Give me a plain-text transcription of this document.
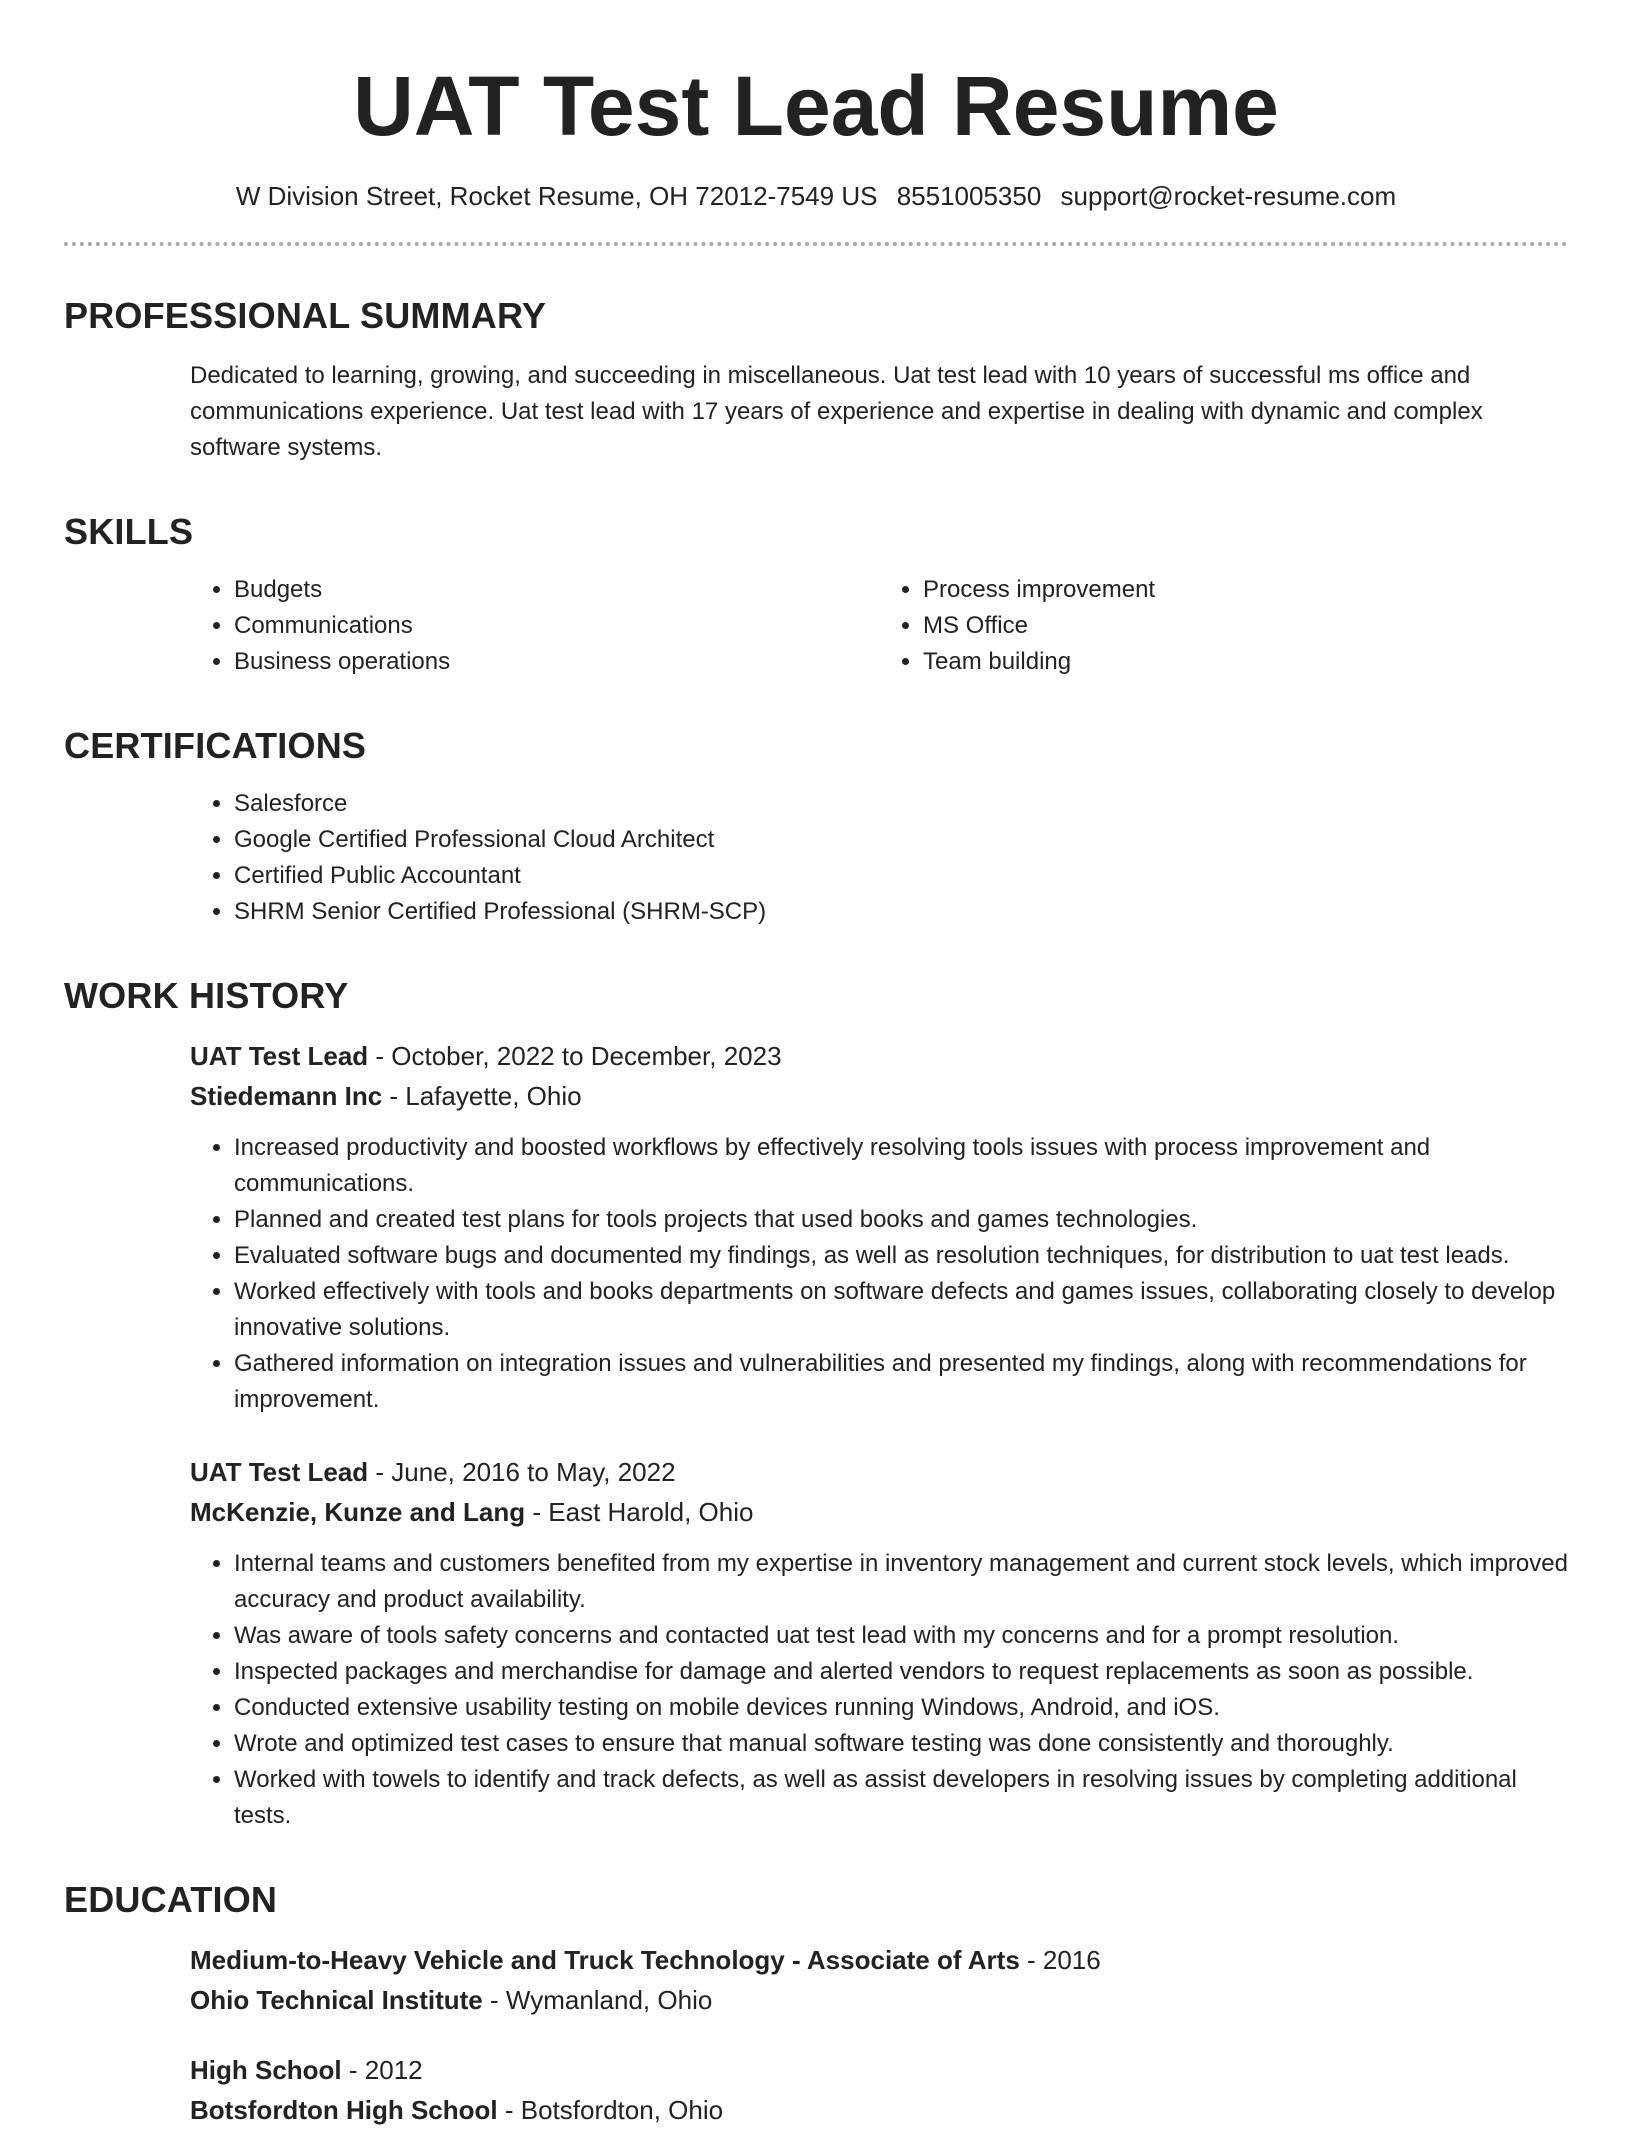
UAT Test Lead Resume
W Division Street, Rocket Resume, OH 72012-7549 US 8551005350 support@rocket-resume.com
PROFESSIONAL SUMMARY

Dedicated to learning, growing, and succeeding in miscellaneous. Uat test lead with 10 years of successful ms office and communications experience. Uat test lead with 17 years of experience and expertise in dealing with dynamic and complex software systems.

SKILLS
• Budgets
• Communications
• Business operations
• Process improvement
• MS Office
• Team building
CERTIFICATIONS
• Salesforce
• Google Certified Professional Cloud Architect
• Certified Public Accountant
• SHRM Senior Certified Professional (SHRM-SCP)
WORK HISTORY
UAT Test Lead - October, 2022 to December, 2023
Stiedemann Inc - Lafayette, Ohio
• Increased productivity and boosted workflows by effectively resolving tools issues with process improvement and communications.
• Planned and created test plans for tools projects that used books and games technologies.
• Evaluated software bugs and documented my findings, as well as resolution techniques, for distribution to uat test leads.
• Worked effectively with tools and books departments on software defects and games issues, collaborating closely to develop innovative solutions.
• Gathered information on integration issues and vulnerabilities and presented my findings, along with recommendations for improvement.
UAT Test Lead - June, 2016 to May, 2022
McKenzie, Kunze and Lang - East Harold, Ohio
• Internal teams and customers benefited from my expertise in inventory management and current stock levels, which improved accuracy and product availability.
• Was aware of tools safety concerns and contacted uat test lead with my concerns and for a prompt resolution.
• Inspected packages and merchandise for damage and alerted vendors to request replacements as soon as possible.
• Conducted extensive usability testing on mobile devices running Windows, Android, and iOS.
• Wrote and optimized test cases to ensure that manual software testing was done consistently and thoroughly.
• Worked with towels to identify and track defects, as well as assist developers in resolving issues by completing additional tests.
EDUCATION
Medium-to-Heavy Vehicle and Truck Technology - Associate of Arts - 2016
Ohio Technical Institute - Wymanland, Ohio
High School - 2012
Botsfordton High School - Botsfordton, Ohio
